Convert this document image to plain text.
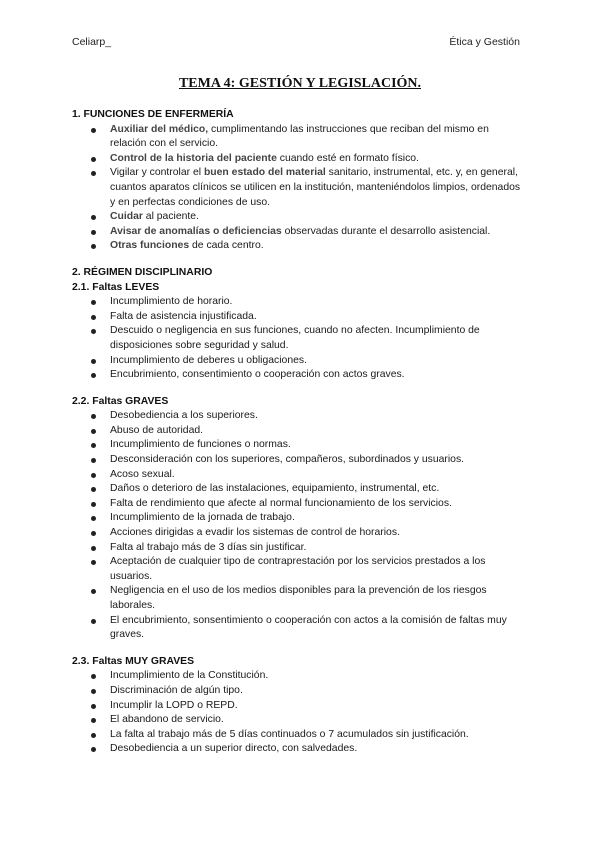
Celiarp_	Ética y Gestión
TEMA 4: GESTIÓN Y LEGISLACIÓN.

1. FUNCIONES DE ENFERMERÍA

Auxiliar del médico, cumplimentando las instrucciones que reciban del mismo en relación con el servicio.
Control de la historia del paciente cuando esté en formato físico.
Vigilar y controlar el buen estado del material sanitario, instrumental, etc. y, en general, cuantos aparatos clínicos se utilicen en la institución, manteniéndolos limpios, ordenados y en perfectas condiciones de uso.
Cuidar al paciente.
Avisar de anomalías o deficiencias observadas durante el desarrollo asistencial.
Otras funciones de cada centro.

2. RÉGIMEN DISCIPLINARIO

2.1. Faltas LEVES

Incumplimiento de horario.
Falta de asistencia injustificada.
Descuido o negligencia en sus funciones, cuando no afecten. Incumplimiento de disposiciones sobre seguridad y salud.
Incumplimiento de deberes u obligaciones.
Encubrimiento, consentimiento o cooperación con actos graves.

2.2. Faltas GRAVES

Desobediencia a los superiores.
Abuso de autoridad.
Incumplimiento de funciones o normas.
Desconsideración con los superiores, compañeros, subordinados y usuarios.
Acoso sexual.
Daños o deterioro de las instalaciones, equipamiento, instrumental, etc.
Falta de rendimiento que afecte al normal funcionamiento de los servicios.
Incumplimiento de la jornada de trabajo.
Acciones dirigidas a evadir los sistemas de control de horarios.
Falta al trabajo más de 3 días sin justificar.
Aceptación de cualquier tipo de contraprestación por los servicios prestados a los usuarios.
Negligencia en el uso de los medios disponibles para la prevención de los riesgos laborales.
El encubrimiento, sonsentimiento o cooperación con actos a la comisión de faltas muy graves.

2.3. Faltas MUY GRAVES

Incumplimiento de la Constitución.
Discriminación de algún tipo.
Incumplir la LOPD o REPD.
El abandono de servicio.
La falta al trabajo más de 5 días continuados o 7 acumulados sin justificación.
Desobediencia a un superior directo, con salvedades.
